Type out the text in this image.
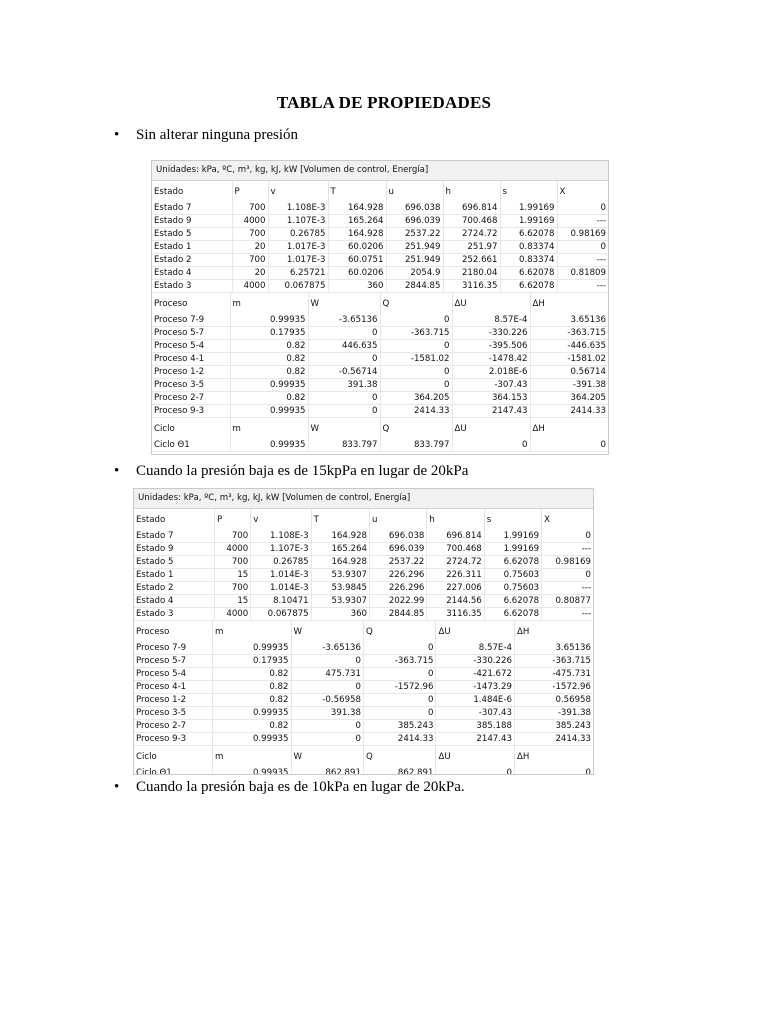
TABLA DE PROPIEDADES
• Sin alterar ninguna presión
Unidades: kPa, ºC, m³, kg, kJ, kW [Volumen de control, Energía]
Estado	P	v	T	u	h	s	X
Estado 7	700	1.108E-3	164.928	696.038	696.814	1.99169	0
Estado 9	4000	1.107E-3	165.264	696.039	700.468	1.99169	---
Estado 5	700	0.26785	164.928	2537.22	2724.72	6.62078	0.98169
Estado 1	20	1.017E-3	60.0206	251.949	251.97	0.83374	0
Estado 2	700	1.017E-3	60.0751	251.949	252.661	0.83374	---
Estado 4	20	6.25721	60.0206	2054.9	2180.04	6.62078	0.81809
Estado 3	4000	0.067875	360	2844.85	3116.35	6.62078	---
Proceso	m	W	Q	ΔU	ΔH
Proceso 7-9	0.99935	-3.65136	0	8.57E-4	3.65136
Proceso 5-7	0.17935	0	-363.715	-330.226	-363.715
Proceso 5-4	0.82	446.635	0	-395.506	-446.635
Proceso 4-1	0.82	0	-1581.02	-1478.42	-1581.02
Proceso 1-2	0.82	-0.56714	0	2.018E-6	0.56714
Proceso 3-5	0.99935	391.38	0	-307.43	-391.38
Proceso 2-7	0.82	0	364.205	364.153	364.205
Proceso 9-3	0.99935	0	2414.33	2147.43	2414.33
Ciclo	m	W	Q	ΔU	ΔH
Ciclo Θ1	0.99935	833.797	833.797	0	0
• Cuando la presión baja es de 15kpPa en lugar de 20kPa
Unidades: kPa, ºC, m³, kg, kJ, kW [Volumen de control, Energía]
Estado	P	v	T	u	h	s	X
Estado 7	700	1.108E-3	164.928	696.038	696.814	1.99169	0
Estado 9	4000	1.107E-3	165.264	696.039	700.468	1.99169	---
Estado 5	700	0.26785	164.928	2537.22	2724.72	6.62078	0.98169
Estado 1	15	1.014E-3	53.9307	226.296	226.311	0.75603	0
Estado 2	700	1.014E-3	53.9845	226.296	227.006	0.75603	---
Estado 4	15	8.10471	53.9307	2022.99	2144.56	6.62078	0.80877
Estado 3	4000	0.067875	360	2844.85	3116.35	6.62078	---
Proceso	m	W	Q	ΔU	ΔH
Proceso 7-9	0.99935	-3.65136	0	8.57E-4	3.65136
Proceso 5-7	0.17935	0	-363.715	-330.226	-363.715
Proceso 5-4	0.82	475.731	0	-421.672	-475.731
Proceso 4-1	0.82	0	-1572.96	-1473.29	-1572.96
Proceso 1-2	0.82	-0.56958	0	1.484E-6	0.56958
Proceso 3-5	0.99935	391.38	0	-307.43	-391.38
Proceso 2-7	0.82	0	385.243	385.188	385.243
Proceso 9-3	0.99935	0	2414.33	2147.43	2414.33
Ciclo	m	W	Q	ΔU	ΔH
Ciclo Θ1	0.99935	862.891	862.891	0	0
• Cuando la presión baja es de 10kPa en lugar de 20kPa.
